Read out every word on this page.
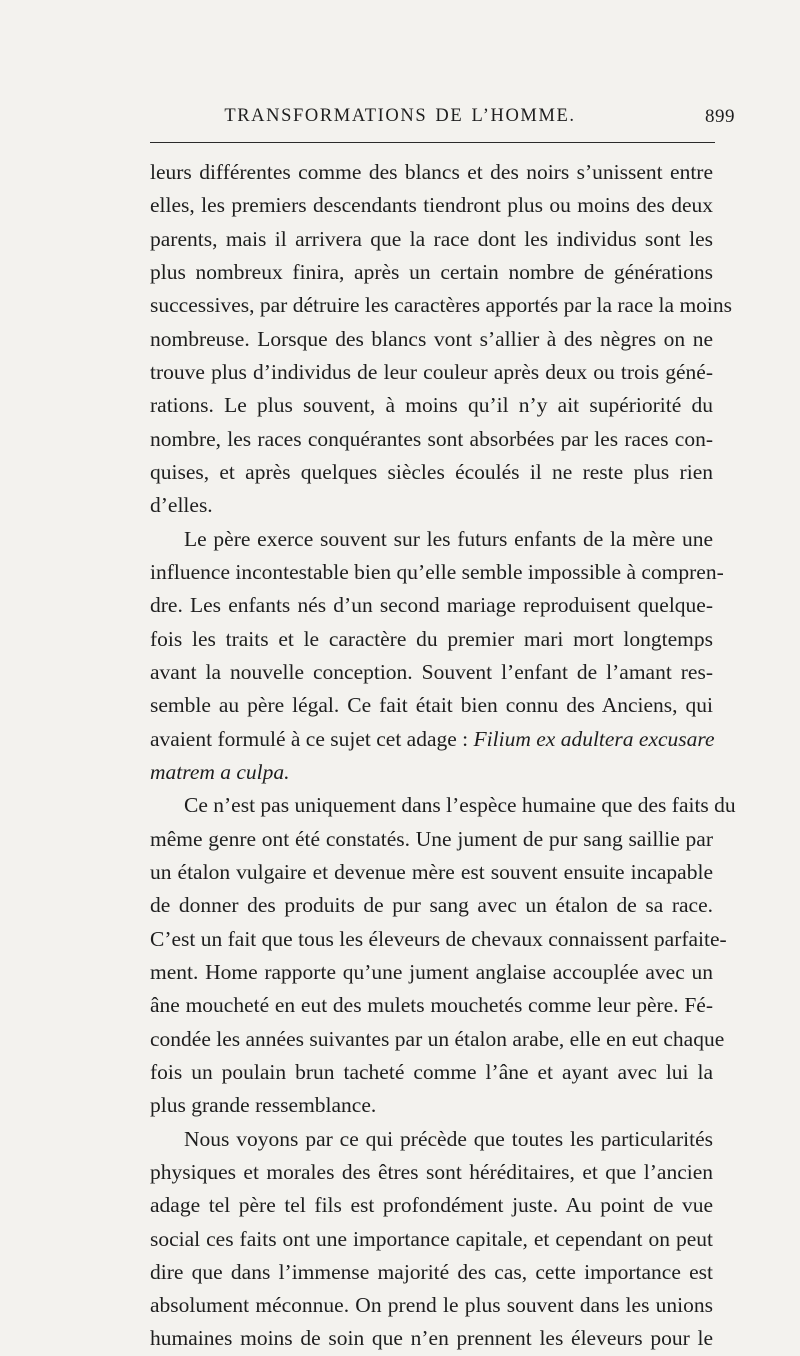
TRANSFORMATIONS DE L’HOMME.	899
leurs différentes comme des blancs et des noirs s’unissent entre
elles, les premiers descendants tiendront plus ou moins des deux
parents, mais il arrivera que la race dont les individus sont les
plus nombreux finira, après un certain nombre de générations
successives, par détruire les caractères apportés par la race la moins
nombreuse. Lorsque des blancs vont s’allier à des nègres on ne
trouve plus d’individus de leur couleur après deux ou trois géné-
rations. Le plus souvent, à moins qu’il n’y ait supériorité du
nombre, les races conquérantes sont absorbées par les races con-
quises, et après quelques siècles écoulés il ne reste plus rien
d’elles.
Le père exerce souvent sur les futurs enfants de la mère une
influence incontestable bien qu’elle semble impossible à compren-
dre. Les enfants nés d’un second mariage reproduisent quelque-
fois les traits et le caractère du premier mari mort longtemps
avant la nouvelle conception. Souvent l’enfant de l’amant res-
semble au père légal. Ce fait était bien connu des Anciens, qui
avaient formulé à ce sujet cet adage : Filium ex adultera excusare
matrem a culpa.
Ce n’est pas uniquement dans l’espèce humaine que des faits du
même genre ont été constatés. Une jument de pur sang saillie par
un étalon vulgaire et devenue mère est souvent ensuite incapable
de donner des produits de pur sang avec un étalon de sa race.
C’est un fait que tous les éleveurs de chevaux connaissent parfaite-
ment. Home rapporte qu’une jument anglaise accouplée avec un
âne moucheté en eut des mulets mouchetés comme leur père. Fé-
condée les années suivantes par un étalon arabe, elle en eut chaque
fois un poulain brun tacheté comme l’âne et ayant avec lui la
plus grande ressemblance.
Nous voyons par ce qui précède que toutes les particularités
physiques et morales des êtres sont héréditaires, et que l’ancien
adage tel père tel fils est profondément juste. Au point de vue
social ces faits ont une importance capitale, et cependant on peut
dire que dans l’immense majorité des cas, cette importance est
absolument méconnue. On prend le plus souvent dans les unions
humaines moins de soin que n’en prennent les éleveurs pour le
